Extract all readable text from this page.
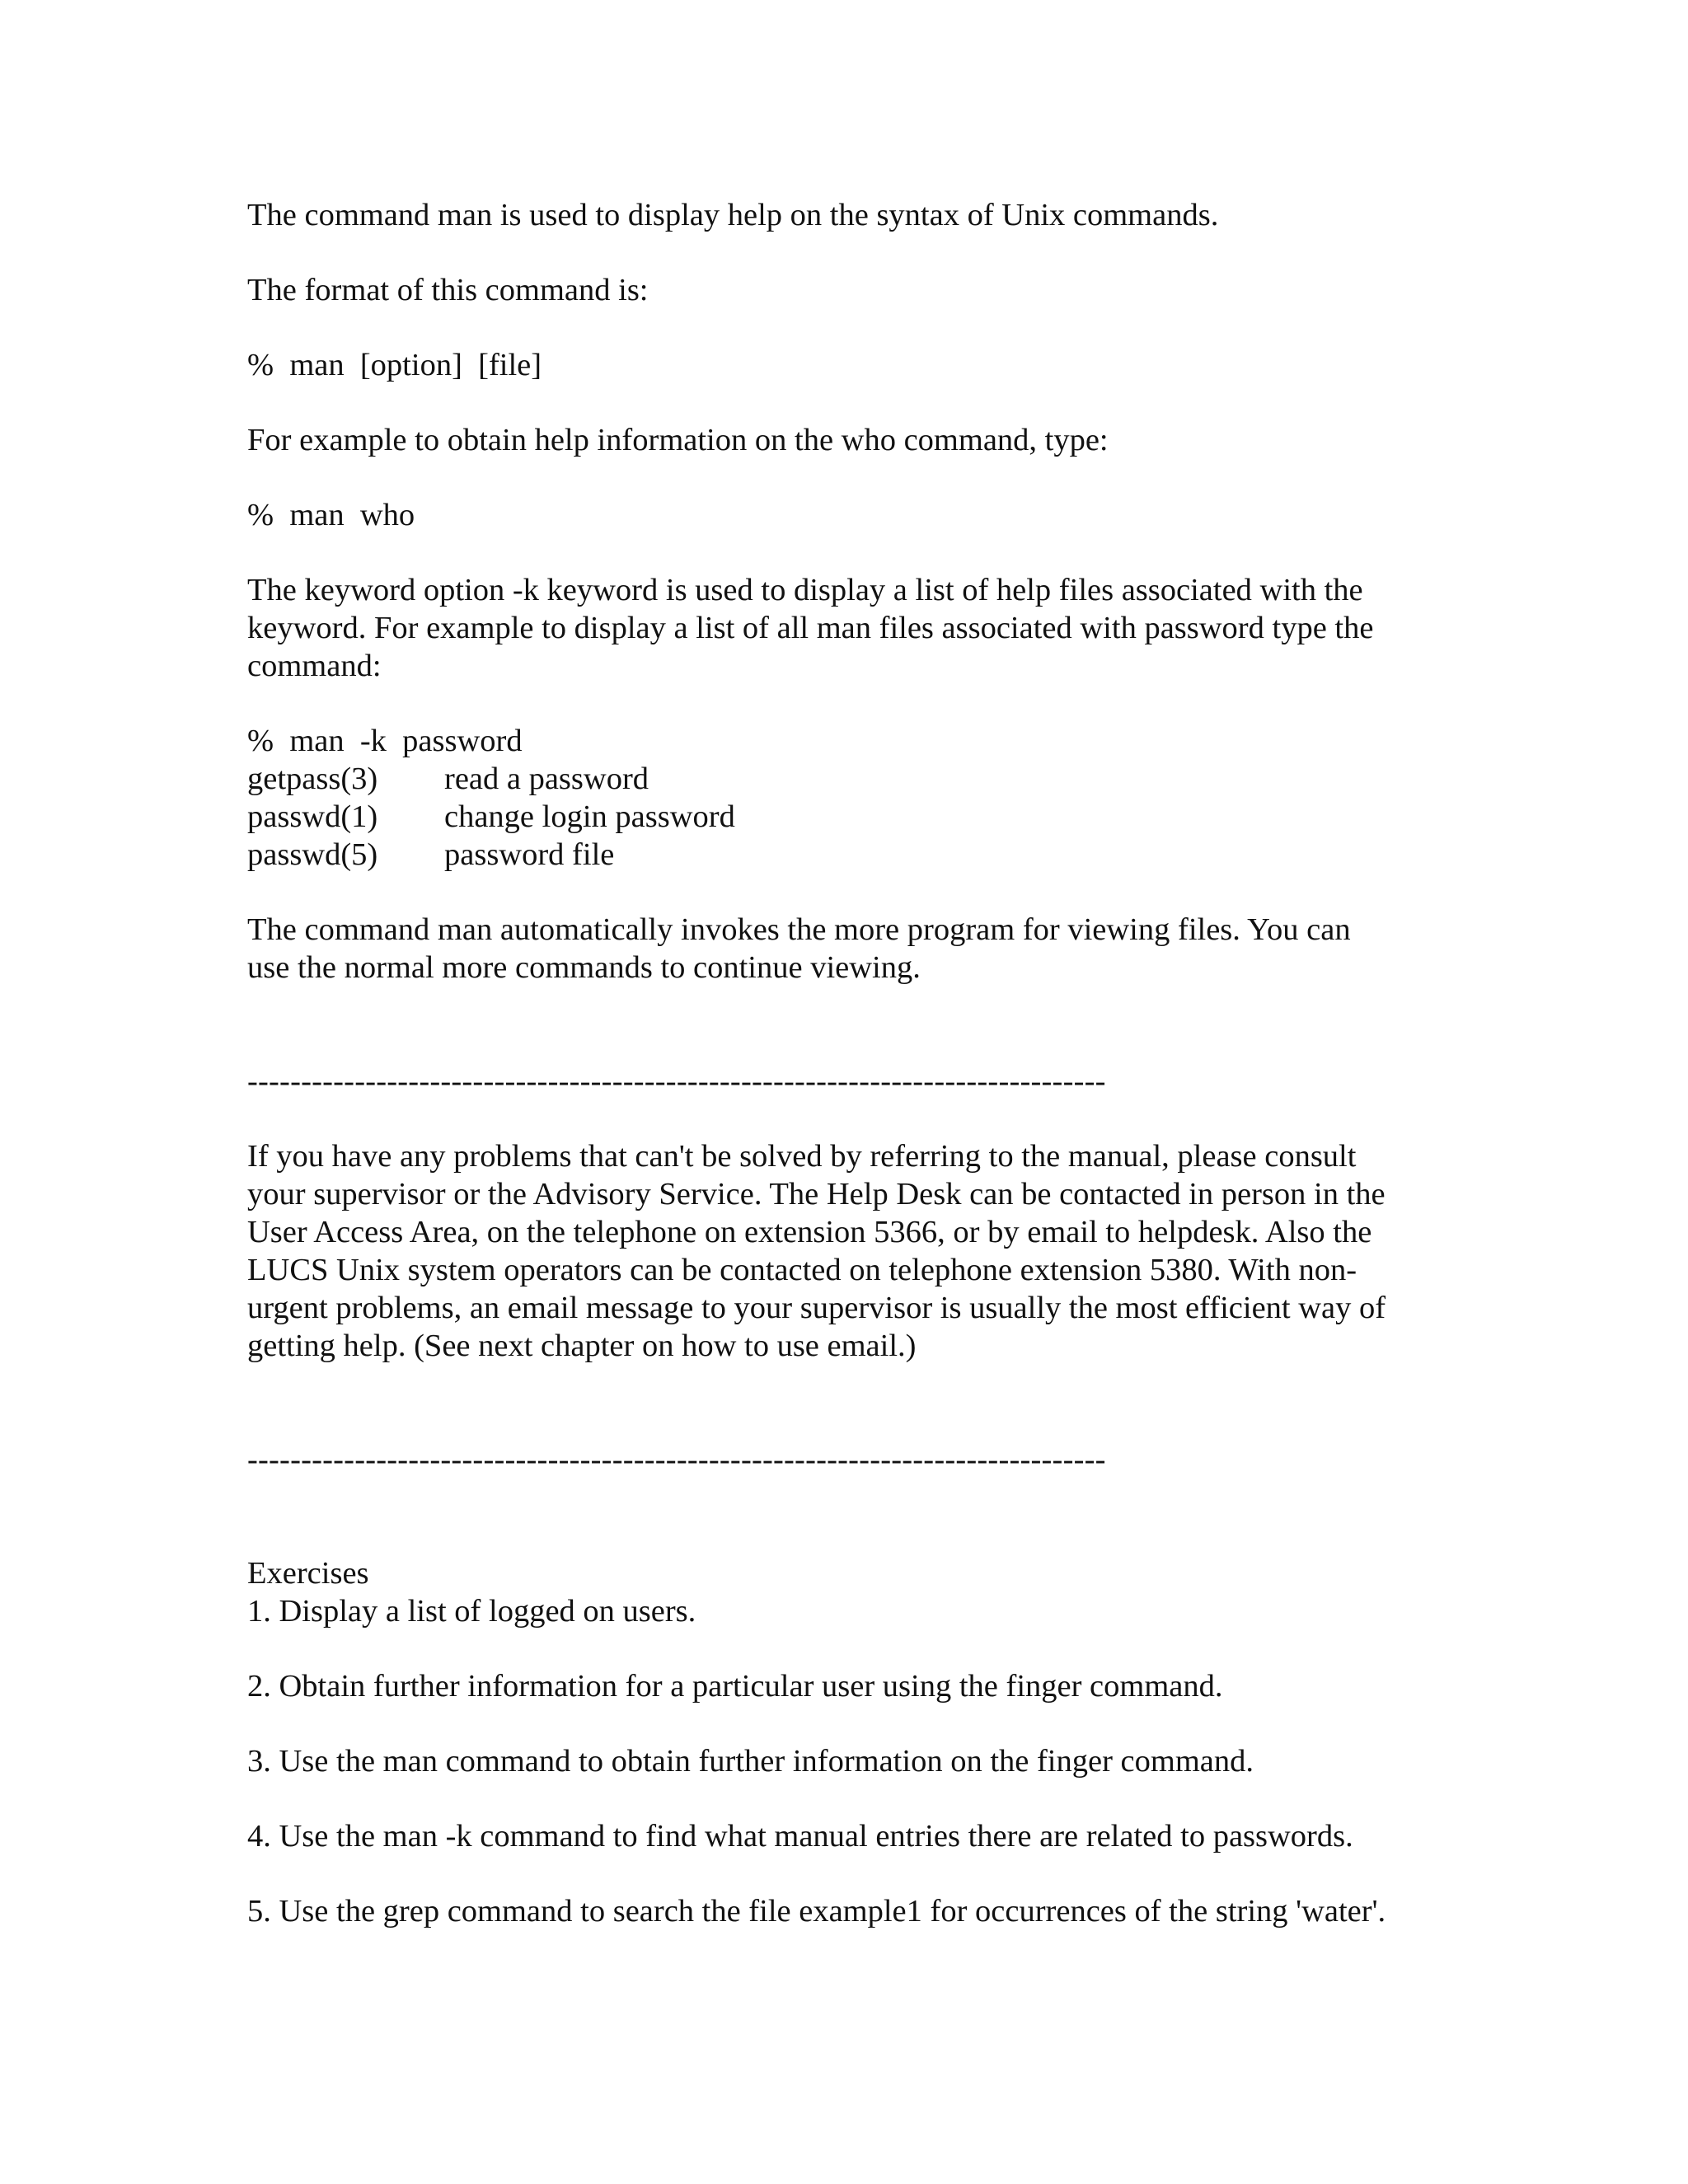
The command man is used to display help on the syntax of Unix commands.
The format of this command is:
%  man  [option]  [file]
For example to obtain help information on the who command, type:
%  man  who
The keyword option -k keyword is used to display a list of help files associated with the
keyword. For example to display a list of all man files associated with password type the
command:
%  man  -k  password
getpass(3) read a password
passwd(1) change login password
passwd(5) password file
The command man automatically invokes the more program for viewing files. You can
use the normal more commands to continue viewing.
--------------------------------------------------------------------------------
If you have any problems that can't be solved by referring to the manual, please consult
your supervisor or the Advisory Service. The Help Desk can be contacted in person in the
User Access Area, on the telephone on extension 5366, or by email to helpdesk. Also the
LUCS Unix system operators can be contacted on telephone extension 5380. With non-
urgent problems, an email message to your supervisor is usually the most efficient way of
getting help. (See next chapter on how to use email.)
--------------------------------------------------------------------------------
Exercises
1. Display a list of logged on users.
2. Obtain further information for a particular user using the finger command.
3. Use the man command to obtain further information on the finger command.
4. Use the man -k command to find what manual entries there are related to passwords.
5. Use the grep command to search the file example1 for occurrences of the string 'water'.
